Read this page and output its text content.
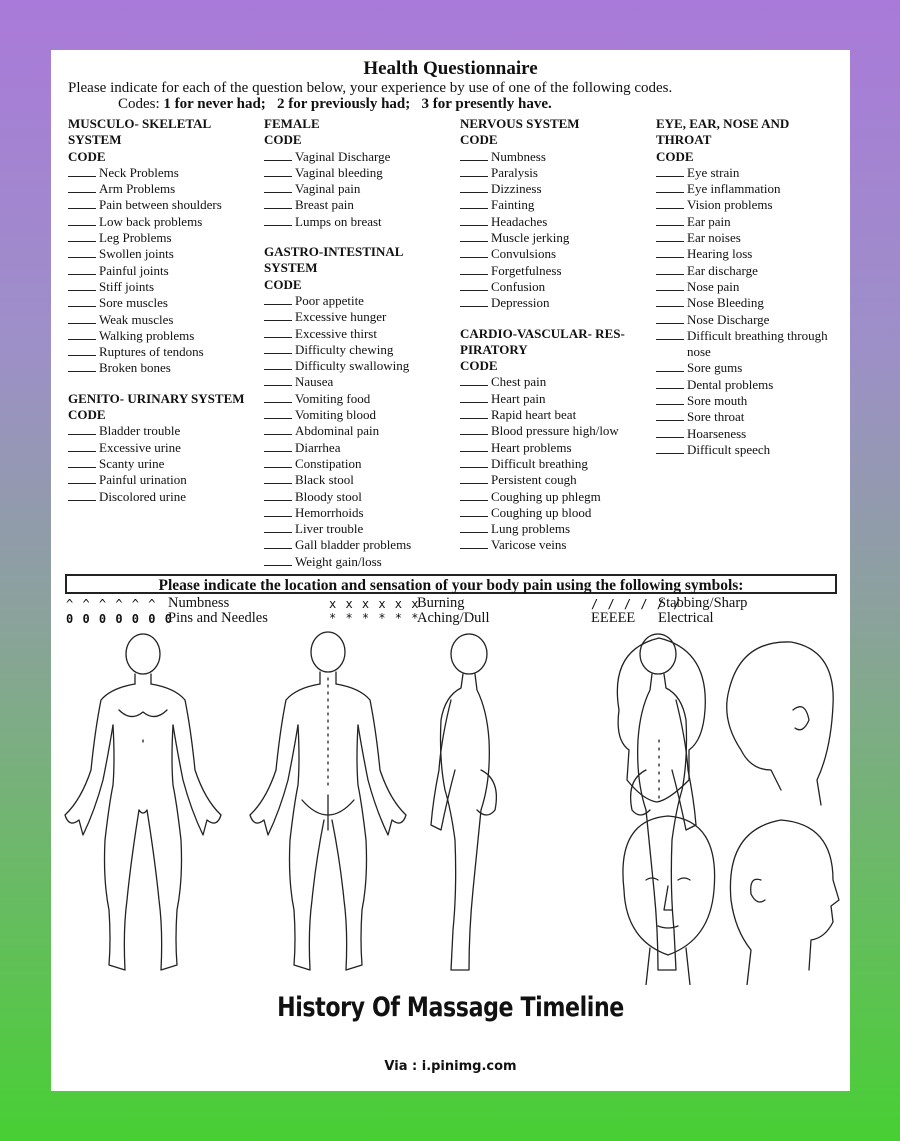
Health Questionnaire
Please indicate for each of the question below, your experience by use of one of the following codes.
Codes: 1 for never had; 2 for previously had; 3 for presently have.
MUSCULO- SKELETAL
SYSTEM
CODE
Neck Problems
Arm Problems
Pain between shoulders
Low back problems
Leg Problems
Swollen joints
Painful joints
Stiff joints
Sore muscles
Weak muscles
Walking problems
Ruptures of tendons
Broken bones
GENITO- URINARY SYSTEM
CODE
Bladder trouble
Excessive urine
Scanty urine
Painful urination
Discolored urine
FEMALE
CODE
Vaginal Discharge
Vaginal bleeding
Vaginal pain
Breast pain
Lumps on breast
GASTRO-INTESTINAL
SYSTEM
CODE
Poor appetite
Excessive hunger
Excessive thirst
Difficulty chewing
Difficulty swallowing
Nausea
Vomiting food
Vomiting blood
Abdominal pain
Diarrhea
Constipation
Black stool
Bloody stool
Hemorrhoids
Liver trouble
Gall bladder problems
Weight gain/loss
NERVOUS SYSTEM
CODE
Numbness
Paralysis
Dizziness
Fainting
Headaches
Muscle jerking
Convulsions
Forgetfulness
Confusion
Depression
CARDIO-VASCULAR- RES-
PIRATORY
CODE
Chest pain
Heart pain
Rapid heart beat
Blood pressure high/low
Heart problems
Difficult breathing
Persistent cough
Coughing up phlegm
Coughing up blood
Lung problems
Varicose veins
EYE, EAR, NOSE AND
THROAT
CODE
Eye strain
Eye inflammation
Vision problems
Ear pain
Ear noises
Hearing loss
Ear discharge
Nose pain
Nose Bleeding
Nose Discharge
Difficult breathing through
nose
Sore gums
Dental problems
Sore mouth
Sore throat
Hoarseness
Difficult speech
Please indicate the location and sensation of your body pain using the following symbols:
^ ^ ^ ^ ^ ^ Numbness
0 0 0 0 0 0 0
Pins and Needles
x x x x x x
Burning
* * * * * *
Aching/Dull
/ / / / / /
Stabbing/Sharp
EEEEE Electrical
History Of Massage Timeline
Via : i.pinimg.com
